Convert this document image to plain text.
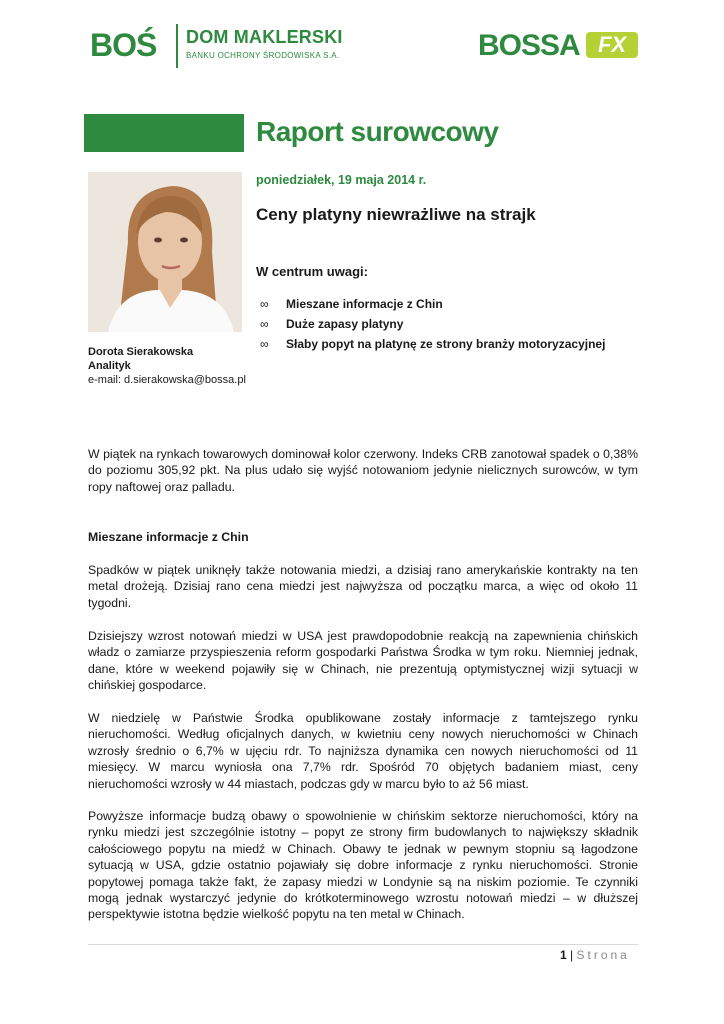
BOŚ	DOM MAKLERSKI
BANKU OCHRONY ŚRODOWISKA S.A.	BOSSA FX
Raport surowcowy
Dorota Sierakowska
Analityk
e-mail: d.sierakowska@bossa.pl
poniedziałek, 19 maja 2014 r.
Ceny platyny niewrażliwe na strajk
W centrum uwagi:
∞	Mieszane informacje z Chin
∞	Duże zapasy platyny
∞	Słaby popyt na platynę ze strony branży motoryzacyjnej

W piątek na rynkach towarowych dominował kolor czerwony. Indeks CRB zanotował spadek o 0,38% do poziomu 305,92 pkt. Na plus udało się wyjść notowaniom jedynie nielicznych surowców, w tym ropy naftowej oraz palladu.

Mieszane informacje z Chin

Spadków w piątek uniknęły także notowania miedzi, a dzisiaj rano amerykańskie kontrakty na ten metal drożeją. Dzisiaj rano cena miedzi jest najwyższa od początku marca, a więc od około 11 tygodni.

Dzisiejszy wzrost notowań miedzi w USA jest prawdopodobnie reakcją na zapewnienia chińskich władz o zamiarze przyspieszenia reform gospodarki Państwa Środka w tym roku. Niemniej jednak, dane, które w weekend pojawiły się w Chinach, nie prezentują optymistycznej wizji sytuacji w chińskiej gospodarce.

W niedzielę w Państwie Środka opublikowane zostały informacje z tamtejszego rynku nieruchomości. Według oficjalnych danych, w kwietniu ceny nowych nieruchomości w Chinach wzrosły średnio o 6,7% w ujęciu rdr. To najniższa dynamika cen nowych nieruchomości od 11 miesięcy. W marcu wyniosła ona 7,7% rdr. Spośród 70 objętych badaniem miast, ceny nieruchomości wzrosły w 44 miastach, podczas gdy w marcu było to aż 56 miast.

Powyższe informacje budzą obawy o spowolnienie w chińskim sektorze nieruchomości, który na rynku miedzi jest szczególnie istotny – popyt ze strony firm budowlanych to największy składnik całościowego popytu na miedź w Chinach. Obawy te jednak w pewnym stopniu są łagodzone sytuacją w USA, gdzie ostatnio pojawiały się dobre informacje z rynku nieruchomości. Stronie popytowej pomaga także fakt, że zapasy miedzi w Londynie są na niskim poziomie. Te czynniki mogą jednak wystarczyć jedynie do krótkoterminowego wzrostu notowań miedzi – w dłuższej perspektywie istotna będzie wielkość popytu na ten metal w Chinach.

1 | Strona
